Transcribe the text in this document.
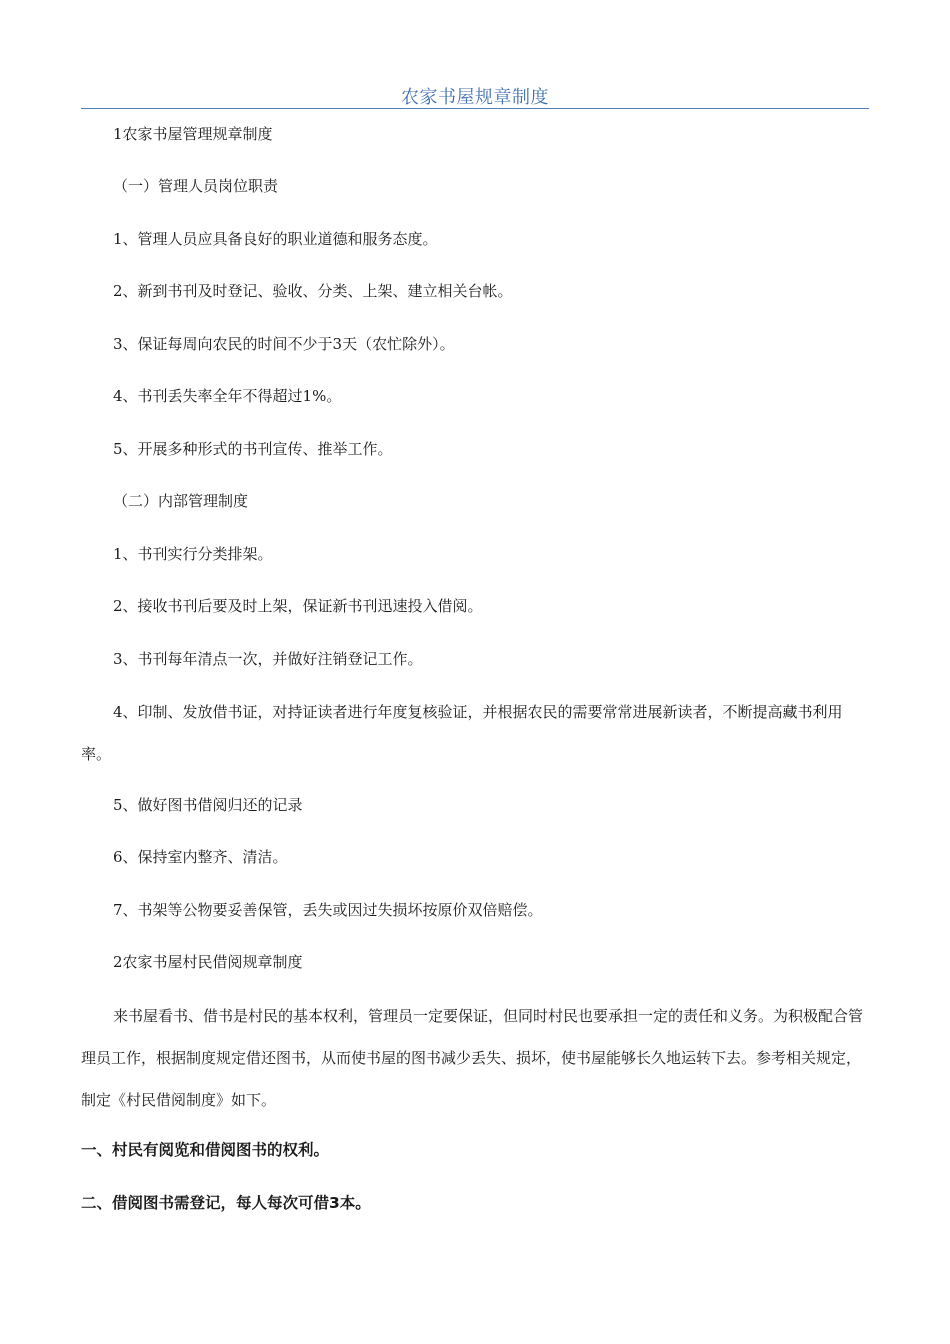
农家书屋规章制度

1农家书屋管理规章制度

（一）管理人员岗位职责

1、管理人员应具备良好的职业道德和服务态度。

2、新到书刊及时登记、验收、分类、上架、建立相关台帐。

3、保证每周向农民的时间不少于3天（农忙除外）。

4、书刊丢失率全年不得超过1%。

5、开展多种形式的书刊宣传、推举工作。

（二）内部管理制度

1、书刊实行分类排架。

2、接收书刊后要及时上架，保证新书刊迅速投入借阅。

3、书刊每年清点一次，并做好注销登记工作。

4、印制、发放借书证，对持证读者进行年度复核验证，并根据农民的需要常常进展新读者，不断提高藏书利用率。

5、做好图书借阅归还的记录

6、保持室内整齐、清洁。

7、书架等公物要妥善保管，丢失或因过失损坏按原价双倍赔偿。

2农家书屋村民借阅规章制度

来书屋看书、借书是村民的基本权利，管理员一定要保证，但同时村民也要承担一定的责任和义务。为积极配合管理员工作，根据制度规定借还图书，从而使书屋的图书减少丢失、损坏，使书屋能够长久地运转下去。参考相关规定，制定《村民借阅制度》如下。

一、村民有阅览和借阅图书的权利。

二、借阅图书需登记，每人每次可借3本。
